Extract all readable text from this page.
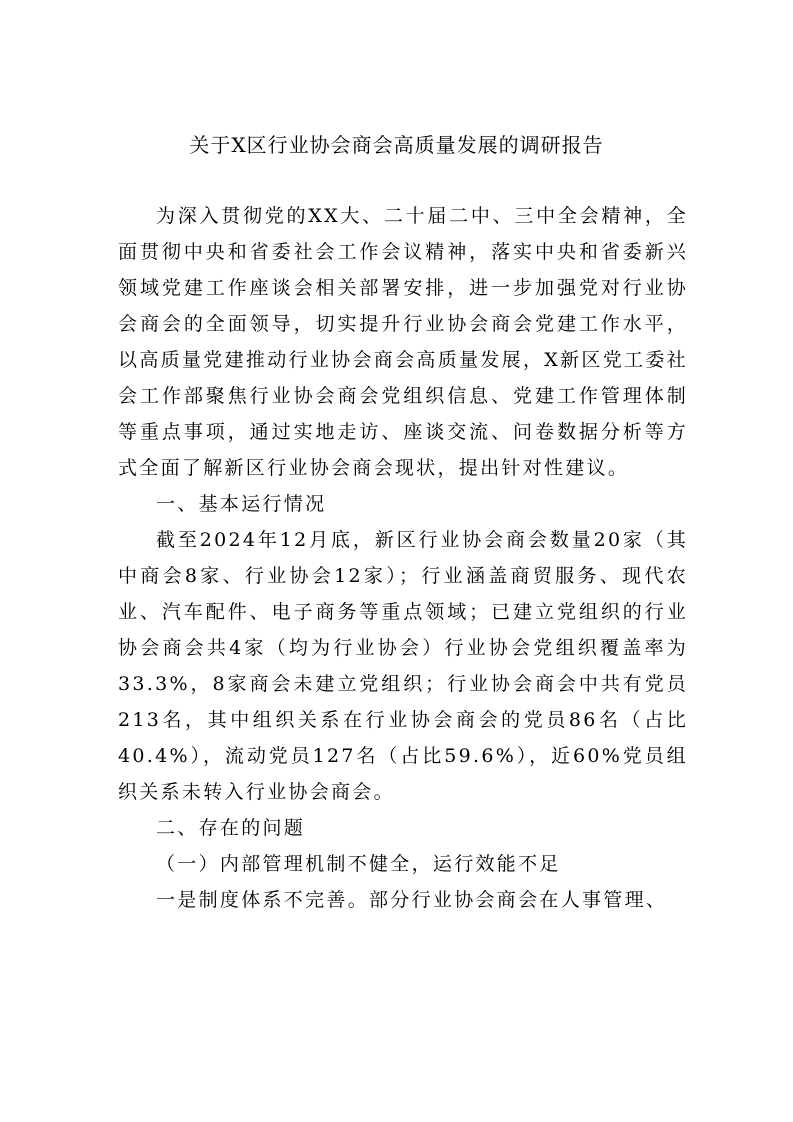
关于X区行业协会商会高质量发展的调研报告

为深入贯彻党的XX大、二十届二中、三中全会精神，全面贯彻中央和省委社会工作会议精神，落实中央和省委新兴领域党建工作座谈会相关部署安排，进一步加强党对行业协会商会的全面领导，切实提升行业协会商会党建工作水平，以高质量党建推动行业协会商会高质量发展，X新区党工委社会工作部聚焦行业协会商会党组织信息、党建工作管理体制等重点事项，通过实地走访、座谈交流、问卷数据分析等方式全面了解新区行业协会商会现状，提出针对性建议。

一、基本运行情况

截至2024年12月底，新区行业协会商会数量20家（其中商会8家、行业协会12家）；行业涵盖商贸服务、现代农业、汽车配件、电子商务等重点领域；已建立党组织的行业协会商会共4家（均为行业协会）行业协会党组织覆盖率为33.3%，8家商会未建立党组织；行业协会商会中共有党员213名，其中组织关系在行业协会商会的党员86名（占比40.4%），流动党员127名（占比59.6%），近60%党员组织关系未转入行业协会商会。

二、存在的问题

（一）内部管理机制不健全，运行效能不足

一是制度体系不完善。部分行业协会商会在人事管理、
